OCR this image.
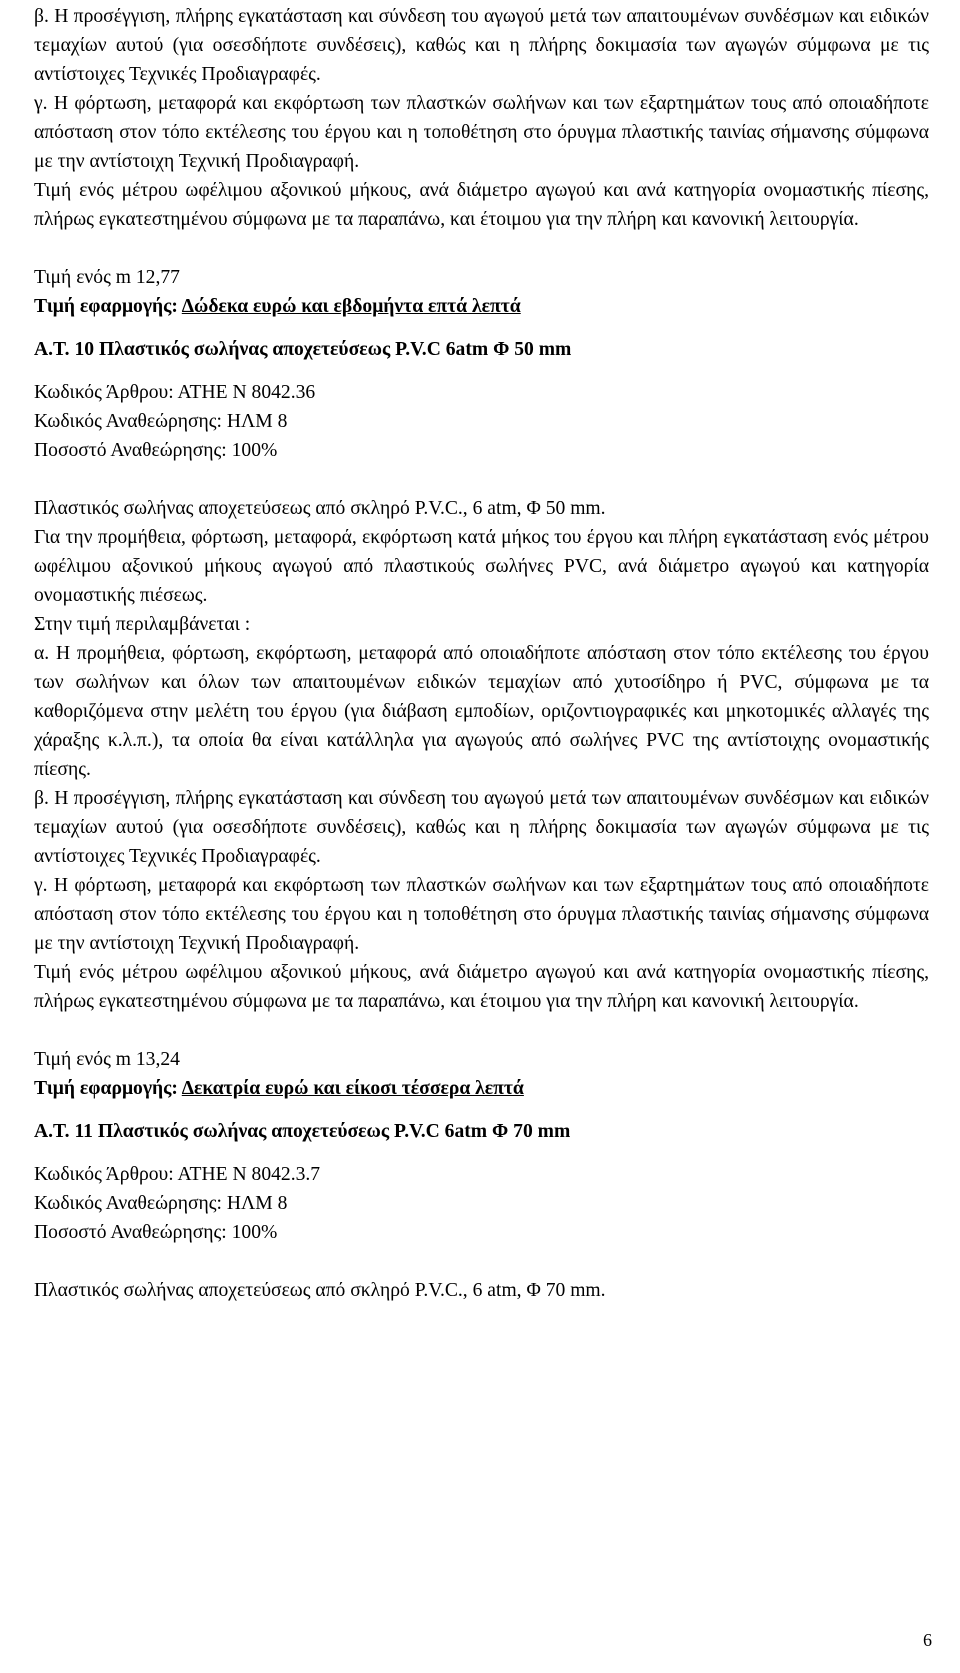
β. Η προσέγγιση, πλήρης εγκατάσταση και σύνδεση του αγωγού μετά των απαιτουμένων συνδέσμων και ειδικών τεμαχίων αυτού (για οσεσδήποτε συνδέσεις), καθώς και η πλήρης δοκιμασία των αγωγών σύμφωνα με τις αντίστοιχες Τεχνικές Προδιαγραφές.

γ. Η φόρτωση, μεταφορά και εκφόρτωση των πλαστκών σωλήνων και των εξαρτημάτων τους από οποιαδήποτε απόσταση στον τόπο εκτέλεσης του έργου και η τοποθέτηση στο όρυγμα πλαστικής ταινίας σήμανσης σύμφωνα με την αντίστοιχη Τεχνική Προδιαγραφή.

Τιμή ενός μέτρου ωφέλιμου αξονικού μήκους, ανά διάμετρο αγωγού και ανά κατηγορία ονομαστικής πίεσης, πλήρως εγκατεστημένου σύμφωνα με τα παραπάνω, και έτοιμου για την πλήρη και κανονική λειτουργία.

Τιμή ενός m 12,77

Τιμή εφαρμογής: Δώδεκα ευρώ και εβδομήντα επτά λεπτά

Α.Τ. 10 Πλαστικός σωλήνας αποχετεύσεως P.V.C 6atm Φ 50 mm

Κωδικός Άρθρου: ΑΤΗΕ Ν 8042.36

Κωδικός Αναθεώρησης: ΗΛΜ 8

Ποσοστό Αναθεώρησης: 100%

Πλαστικός σωλήνας αποχετεύσεως από σκληρό P.V.C., 6 atm, Φ 50 mm.

Για την προμήθεια, φόρτωση, μεταφορά, εκφόρτωση κατά μήκος του έργου και πλήρη εγκατάσταση ενός μέτρου ωφέλιμου αξονικού μήκους αγωγού από πλαστικούς σωλήνες PVC, ανά διάμετρο αγωγού και κατηγορία ονομαστικής πιέσεως.

Στην τιμή περιλαμβάνεται :

α. Η προμήθεια, φόρτωση, εκφόρτωση, μεταφορά από οποιαδήποτε απόσταση στον τόπο εκτέλεσης του έργου των σωλήνων και όλων των απαιτουμένων ειδικών τεμαχίων από χυτοσίδηρο ή PVC, σύμφωνα με τα καθοριζόμενα στην μελέτη του έργου (για διάβαση εμποδίων, οριζοντιογραφικές και μηκοτομικές αλλαγές της χάραξης κ.λ.π.), τα οποία θα είναι κατάλληλα για αγωγούς από σωλήνες PVC της αντίστοιχης ονομαστικής πίεσης.

β. Η προσέγγιση, πλήρης εγκατάσταση και σύνδεση του αγωγού μετά των απαιτουμένων συνδέσμων και ειδικών τεμαχίων αυτού (για οσεσδήποτε συνδέσεις), καθώς και η πλήρης δοκιμασία των αγωγών σύμφωνα με τις αντίστοιχες Τεχνικές Προδιαγραφές.

γ. Η φόρτωση, μεταφορά και εκφόρτωση των πλαστκών σωλήνων και των εξαρτημάτων τους από οποιαδήποτε απόσταση στον τόπο εκτέλεσης του έργου και η τοποθέτηση στο όρυγμα πλαστικής ταινίας σήμανσης σύμφωνα με την αντίστοιχη Τεχνική Προδιαγραφή.

Τιμή ενός μέτρου ωφέλιμου αξονικού μήκους, ανά διάμετρο αγωγού και ανά κατηγορία ονομαστικής πίεσης, πλήρως εγκατεστημένου σύμφωνα με τα παραπάνω, και έτοιμου για την πλήρη και κανονική λειτουργία.

Τιμή ενός m 13,24

Τιμή εφαρμογής: Δεκατρία ευρώ και είκοσι τέσσερα λεπτά

Α.Τ. 11 Πλαστικός σωλήνας αποχετεύσεως P.V.C 6atm Φ 70 mm

Κωδικός Άρθρου: ΑΤΗΕ Ν 8042.3.7

Κωδικός Αναθεώρησης: ΗΛΜ 8

Ποσοστό Αναθεώρησης: 100%

Πλαστικός σωλήνας αποχετεύσεως από σκληρό P.V.C., 6 atm, Φ 70 mm.

6
